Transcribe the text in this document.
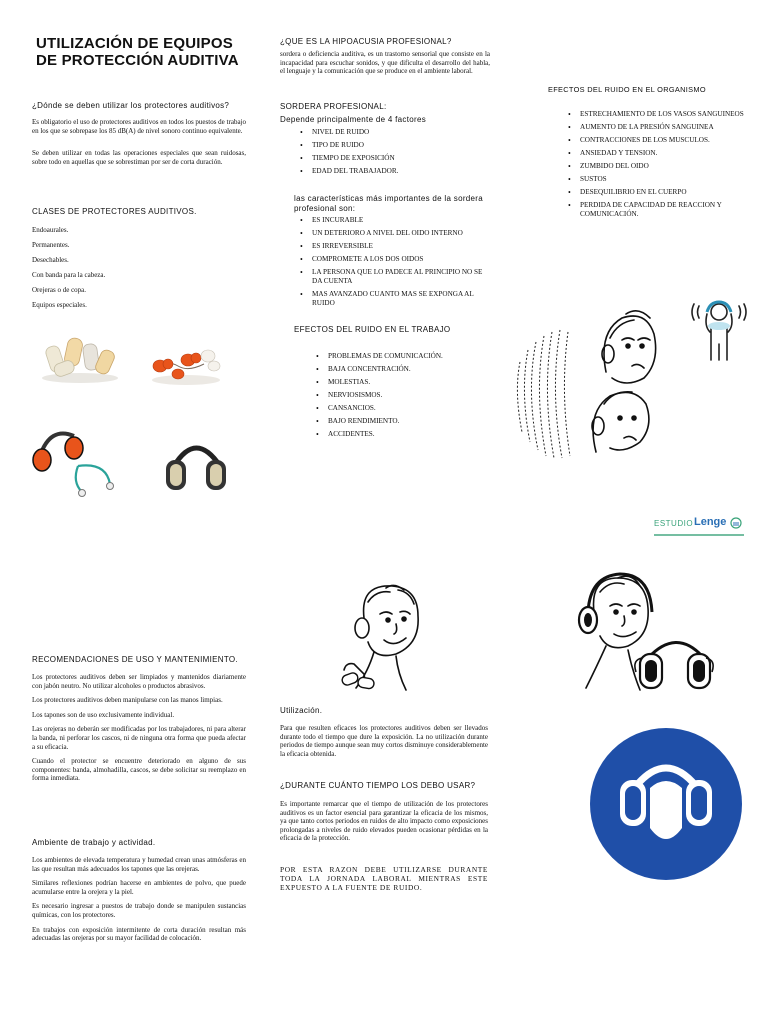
UTILIZACIÓN DE EQUIPOS
DE PROTECCIÓN AUDITIVA
¿Dónde se deben utilizar los protectores auditivos?

Es obligatorio el uso de protectores auditivos en todos los puestos de trabajo en los que se sobrepase los 85 dB(A) de nivel sonoro continuo equivalente.

Se deben utilizar en todas las operaciones especiales que sean ruidosas, sobre todo en aquellas que se sobrestiman por ser de corta duración.

CLASES DE PROTECTORES AUDITIVOS.
Endoaurales.
Permanentes.
Desechables.
Con banda para la cabeza.
Orejeras o de copa.
Equipos especiales.
RECOMENDACIONES DE USO Y MANTENIMIENTO.

Los protectores auditivos deben ser limpiados y mantenidos diariamente con jabón neutro. No utilizar alcoholes o productos abrasivos.

Los protectores auditivos deben manipularse con las manos limpias.

Los tapones son de uso exclusivamente individual.

Las orejeras no deberán ser modificadas por los trabajadores, ni para alterar la banda, ni perforar los cascos, ni de ninguna otra forma que pueda afectar a su eficacia.

Cuando el protector se encuentre deteriorado en alguno de sus componentes: banda, almohadilla, cascos, se debe solicitar su reemplazo en forma inmediata.

Ambiente de trabajo y actividad.

Los ambientes de elevada temperatura y humedad crean unas atmósferas en las que resultan más adecuados los tapones que las orejeras.

Similares reflexiones podrían hacerse en ambientes de polvo, que puede acumularse entre la orejera y la piel.

Es necesario ingresar a puestos de trabajo donde se manipulen sustancias químicas, con los protectores.

En trabajos con exposición intermitente de corta duración resultan más adecuadas las orejeras por su mayor facilidad de colocación.

¿QUE ES LA HIPOACUSIA PROFESIONAL?

sordera o deficiencia auditiva, es un trastorno sensorial que consiste en la incapacidad para escuchar sonidos, y que dificulta el desarrollo del habla, el lenguaje y la comunicación que se produce en el ambiente laboral.

SORDERA PROFESIONAL:
Depende principalmente de 4 factores
• NIVEL DE RUIDO
• TIPO DE RUIDO
• TIEMPO DE EXPOSICIÓN
• EDAD DEL TRABAJADOR.
las características más importantes de la sordera profesional son:
• ES INCURABLE
• UN DETERIORO A NIVEL DEL OIDO INTERNO
• ES IRREVERSIBLE
• COMPROMETE A LOS DOS OIDOS
• LA PERSONA QUE LO PADECE AL PRINCIPIO NO SE DA CUENTA
• MAS AVANZADO CUANTO MAS SE EXPONGA AL RUIDO
EFECTOS DEL RUIDO EN EL TRABAJO
• PROBLEMAS DE COMUNICACIÓN.
• BAJA CONCENTRACIÓN.
• MOLESTIAS.
• NERVIOSISMOS.
• CANSANCIOS.
• BAJO RENDIMIENTO.
• ACCIDENTES.
Utilización.

Para que resulten eficaces los protectores auditivos deben ser llevados durante todo el tiempo que dure la exposición. La no utilización durante periodos de tiempo aunque sean muy cortos disminuye considerablemente la eficacia obtenida.

¿DURANTE CUÁNTO TIEMPO LOS DEBO USAR?

Es importante remarcar que el tiempo de utilización de los protectores auditivos es un factor esencial para garantizar la eficacia de los mismos, ya que tanto cortos periodos en ruidos de alto impacto como exposiciones prolongadas a niveles de ruido elevados pueden ocasionar pérdidas en la eficacia de la protección.

POR ESTA RAZON DEBE UTILIZARSE DURANTE TODA LA JORNADA LABORAL MIENTRAS ESTE EXPUESTO A LA FUENTE DE RUIDO.
EFECTOS DEL RUIDO EN EL ORGANISMO
• ESTRECHAMIENTO DE LOS VASOS SANGUINEOS
• AUMENTO DE LA PRESIÓN SANGUINEA
• CONTRACCIONES DE LOS MUSCULOS.
• ANSIEDAD Y TENSION.
• ZUMBIDO DEL OIDO
• SUSTOS
• DESEQUILIBRIO EN EL CUERPO
• PERDIDA DE CAPACIDAD DE REACCION Y COMUNICACIÓN.
ESTUDIO Lenge
